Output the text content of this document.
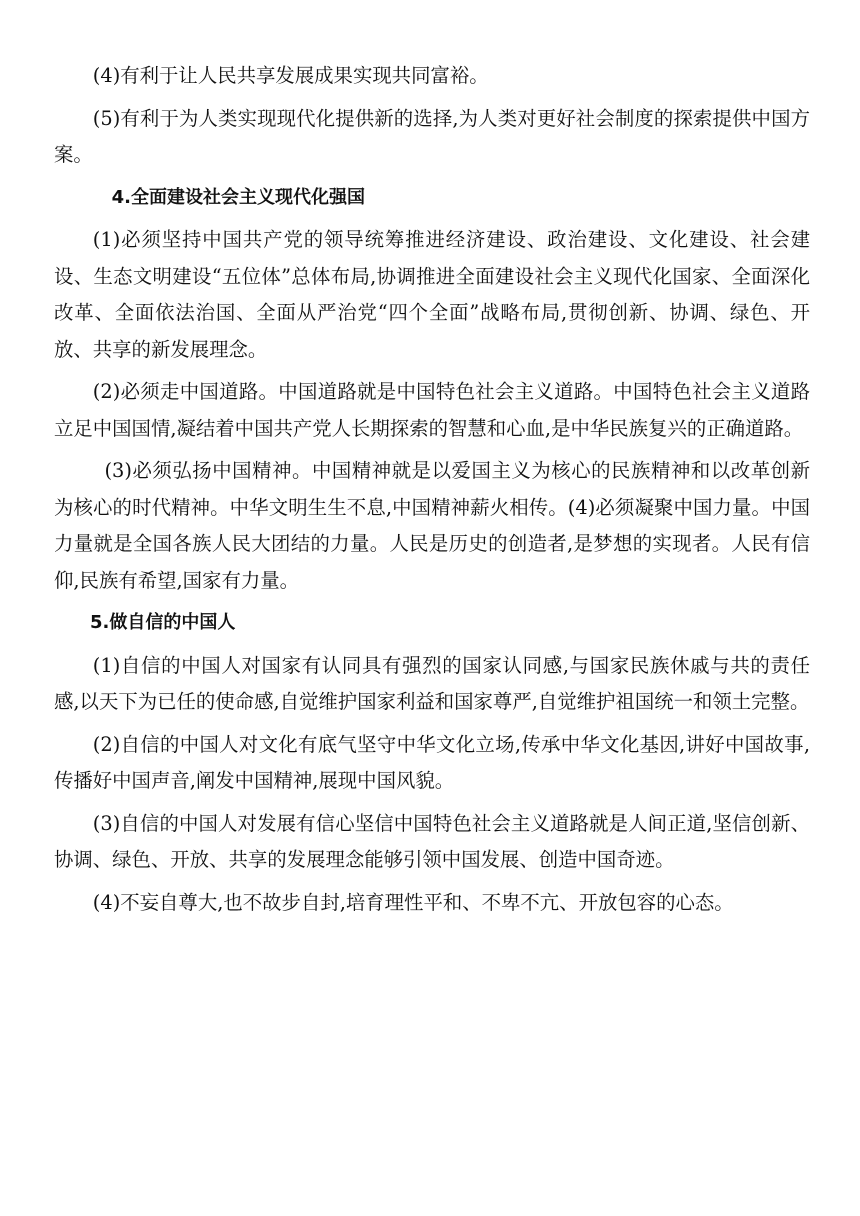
(4)有利于让人民共享发展成果实现共同富裕。

(5)有利于为人类实现现代化提供新的选择,为人类对更好社会制度的探索提供中国方案。

4.全面建设社会主义现代化强国

(1)必须坚持中国共产党的领导统筹推进经济建设、政治建设、文化建设、社会建设、生态文明建设“五位体”总体布局,协调推进全面建设社会主义现代化国家、全面深化改革、全面依法治国、全面从严治党“四个全面”战略布局,贯彻创新、协调、绿色、开放、共享的新发展理念。

(2)必须走中国道路。中国道路就是中国特色社会主义道路。中国特色社会主义道路立足中国国情,凝结着中国共产党人长期探索的智慧和心血,是中华民族复兴的正确道路。

(3)必须弘扬中国精神。中国精神就是以爱国主义为核心的民族精神和以改革创新为核心的时代精神。中华文明生生不息,中国精神薪火相传。(4)必须凝聚中国力量。中国力量就是全国各族人民大团结的力量。人民是历史的创造者,是梦想的实现者。人民有信仰,民族有希望,国家有力量。

5.做自信的中国人

(1)自信的中国人对国家有认同具有强烈的国家认同感,与国家民族休戚与共的责任感,以天下为已任的使命感,自觉维护国家利益和国家尊严,自觉维护祖国统一和领土完整。

(2)自信的中国人对文化有底气坚守中华文化立场,传承中华文化基因,讲好中国故事,传播好中国声音,阐发中国精神,展现中国风貌。

(3)自信的中国人对发展有信心坚信中国特色社会主义道路就是人间正道,坚信创新、协调、绿色、开放、共享的发展理念能够引领中国发展、创造中国奇迹。

(4)不妄自尊大,也不故步自封,培育理性平和、不卑不亢、开放包容的心态。
